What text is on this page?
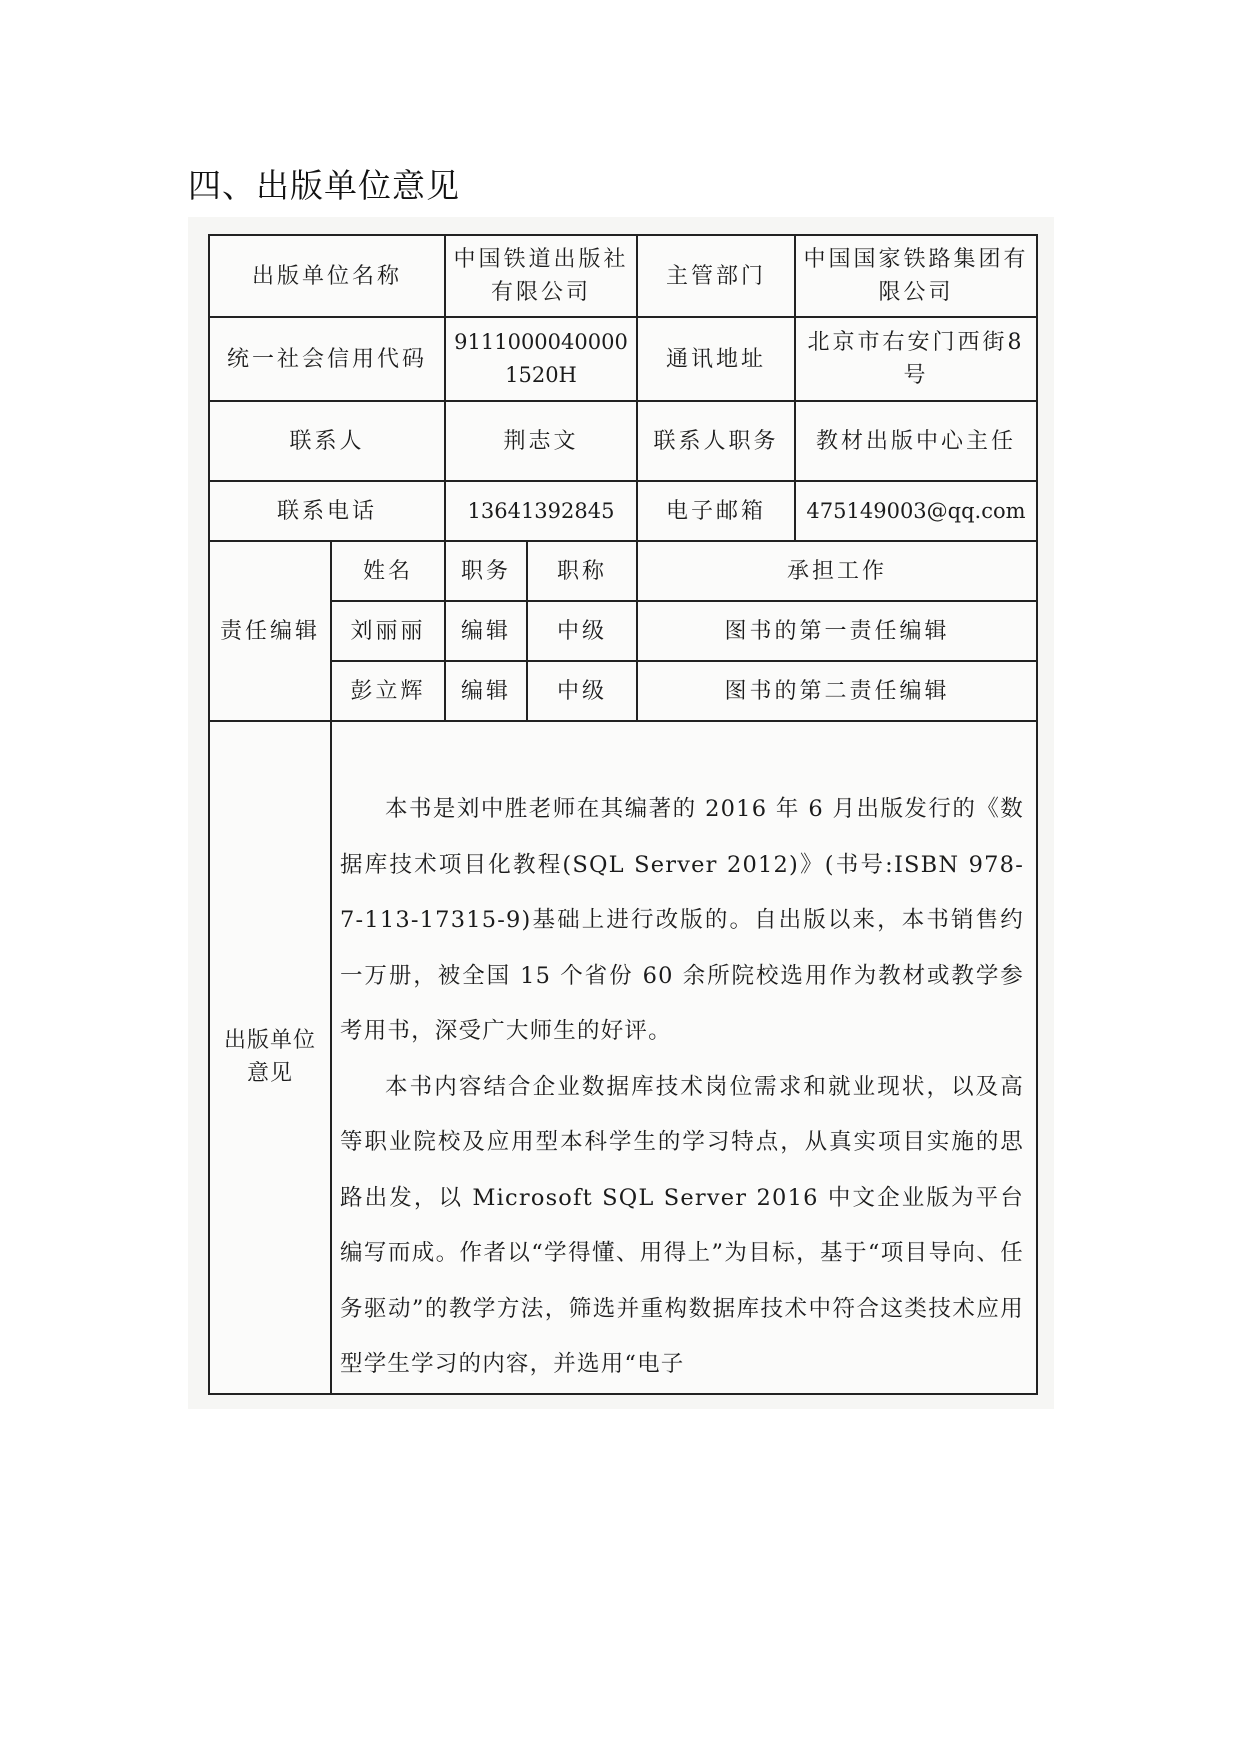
四、出版单位意见
出版单位名称		中国铁道出版社有限公司		主管部门	中国国家铁路集团有限公司
统一社会信用代码		91110000400001520H		通讯地址	北京市右安门西街8号
联系人		荆志文		联系人职务	教材出版中心主任
联系电话		13641392845		电子邮箱	475149003@qq.com
责任编辑	姓名	职务	职称	承担工作	
	刘丽丽	编辑	中级	图书的第一责任编辑	
	彭立辉	编辑	中级	图书的第二责任编辑	
出版单位意见	本书是刘中胜老师在其编著的 2016 年 6 月出版发行的《数据库技术项目化教程(SQL Server 2012)》(书号:ISBN 978-7-113-17315-9)基础上进行改版的。自出版以来，本书销售约一万册，被全国 15 个省份 60 余所院校选用作为教材或教学参考用书，深受广大师生的好评。

本书内容结合企业数据库技术岗位需求和就业现状，以及高等职业院校及应用型本科学生的学习特点，从真实项目实施的思路出发，以 Microsoft SQL Server 2016 中文企业版为平台编写而成。作者以“学得懂、用得上”为目标，基于“项目导向、任务驱动”的教学方法，筛选并重构数据库技术中符合这类技术应用型学生学习的内容，并选用“电子				
